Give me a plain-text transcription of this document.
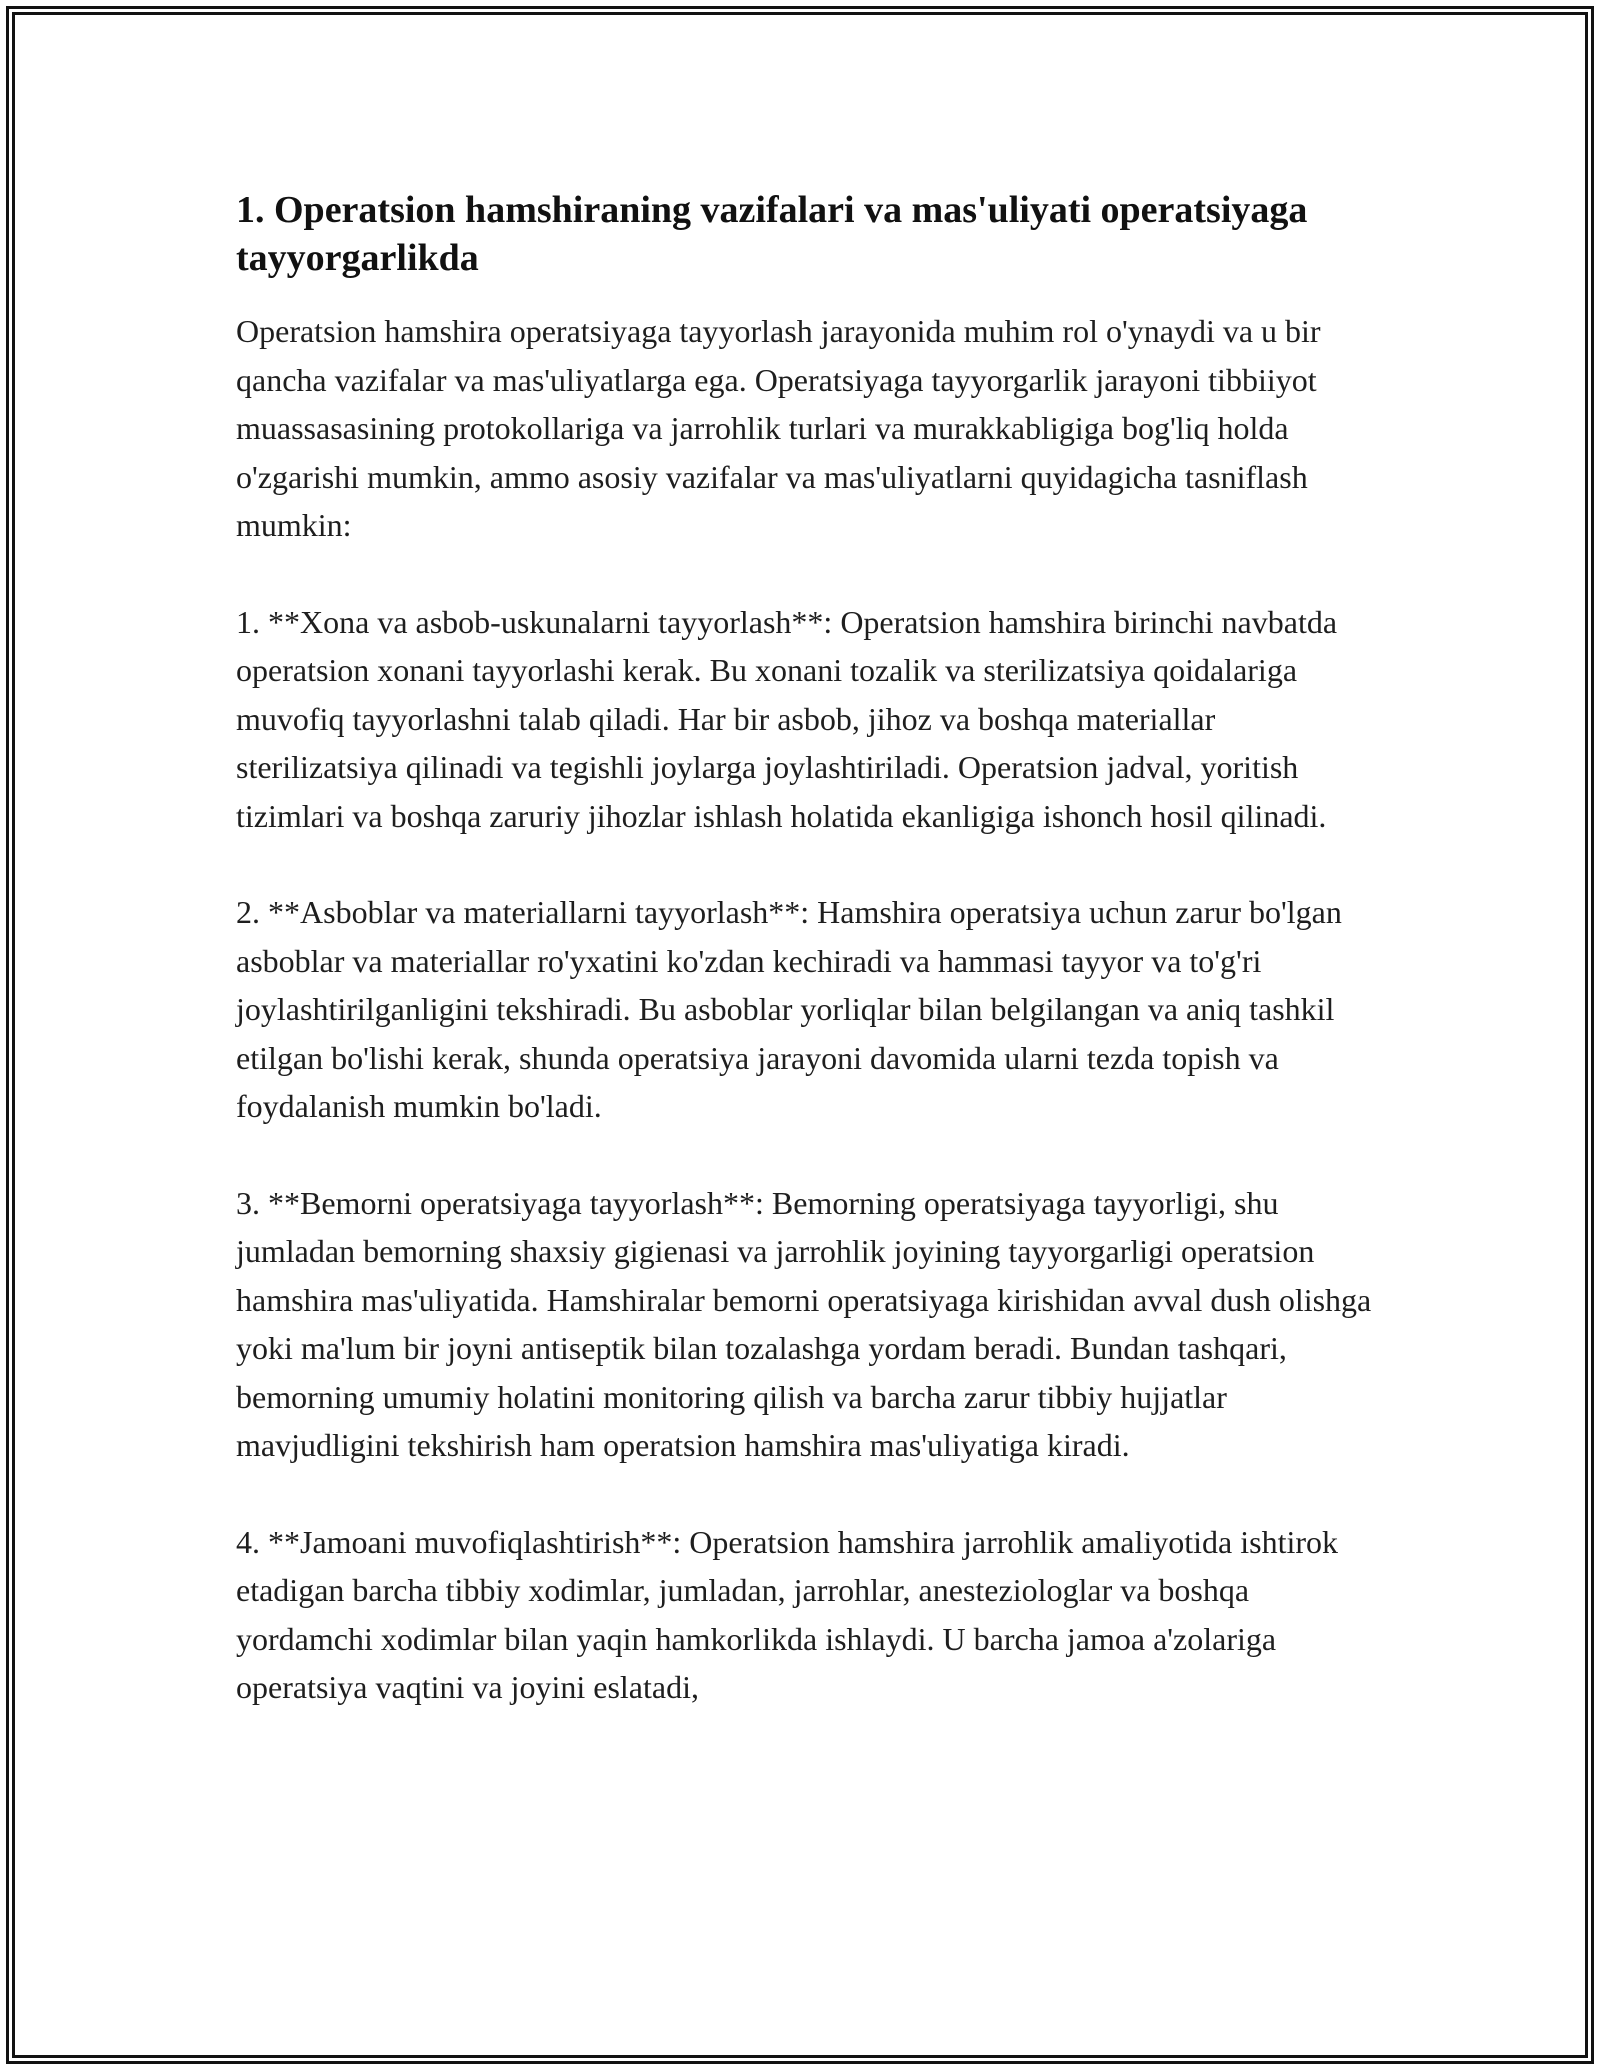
1. Operatsion hamshiraning vazifalari va mas'uliyati operatsiyaga tayyorgarlikda

Operatsion hamshira operatsiyaga tayyorlash jarayonida muhim rol o'ynaydi va u bir qancha vazifalar va mas'uliyatlarga ega. Operatsiyaga tayyorgarlik jarayoni tibbiiyot muassasasining protokollariga va jarrohlik turlari va murakkabligiga bog'liq holda o'zgarishi mumkin, ammo asosiy vazifalar va mas'uliyatlarni quyidagicha tasniflash mumkin:

1. **Xona va asbob-uskunalarni tayyorlash**: Operatsion hamshira birinchi navbatda operatsion xonani tayyorlashi kerak. Bu xonani tozalik va sterilizatsiya qoidalariga muvofiq tayyorlashni talab qiladi. Har bir asbob, jihoz va boshqa materiallar sterilizatsiya qilinadi va tegishli joylarga joylashtiriladi. Operatsion jadval, yoritish tizimlari va boshqa zaruriy jihozlar ishlash holatida ekanligiga ishonch hosil qilinadi.

2. **Asboblar va materiallarni tayyorlash**: Hamshira operatsiya uchun zarur bo'lgan asboblar va materiallar ro'yxatini ko'zdan kechiradi va hammasi tayyor va to'g'ri joylashtirilganligini tekshiradi. Bu asboblar yorliqlar bilan belgilangan va aniq tashkil etilgan bo'lishi kerak, shunda operatsiya jarayoni davomida ularni tezda topish va foydalanish mumkin bo'ladi.

3. **Bemorni operatsiyaga tayyorlash**: Bemorning operatsiyaga tayyorligi, shu jumladan bemorning shaxsiy gigienasi va jarrohlik joyining tayyorgarligi operatsion hamshira mas'uliyatida. Hamshiralar bemorni operatsiyaga kirishidan avval dush olishga yoki ma'lum bir joyni antiseptik bilan tozalashga yordam beradi. Bundan tashqari, bemorning umumiy holatini monitoring qilish va barcha zarur tibbiy hujjatlar mavjudligini tekshirish ham operatsion hamshira mas'uliyatiga kiradi.

4. **Jamoani muvofiqlashtirish**: Operatsion hamshira jarrohlik amaliyotida ishtirok etadigan barcha tibbiy xodimlar, jumladan, jarrohlar, anesteziologlar va boshqa yordamchi xodimlar bilan yaqin hamkorlikda ishlaydi. U barcha jamoa a'zolariga operatsiya vaqtini va joyini eslatadi,
